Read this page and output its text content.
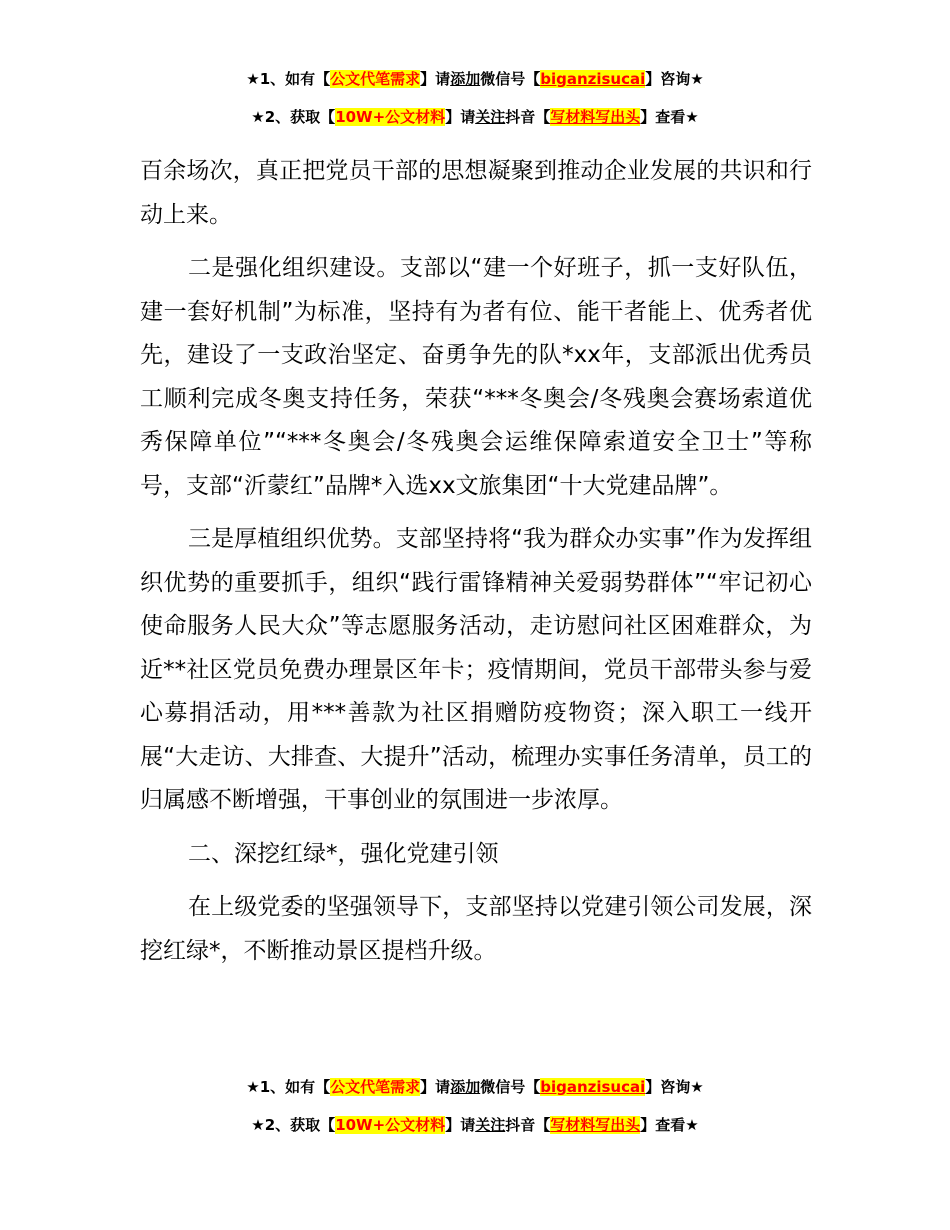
★1、如有【公文代笔需求】请添加微信号【biganzisucai】咨询★
★2、获取【10W+公文材料】请关注抖音【写材料写出头】查看★

百余场次，真正把党员干部的思想凝聚到推动企业发展的共识和行动上来。

二是强化组织建设。支部以“建一个好班子，抓一支好队伍，建一套好机制”为标准，坚持有为者有位、能干者能上、优秀者优先，建设了一支政治坚定、奋勇争先的队*xx年，支部派出优秀员工顺利完成冬奥支持任务，荣获“***冬奥会/冬残奥会赛场索道优秀保障单位”“***冬奥会/冬残奥会运维保障索道安全卫士”等称号，支部“沂蒙红”品牌*入选xx文旅集团“十大党建品牌”。

三是厚植组织优势。支部坚持将“我为群众办实事”作为发挥组织优势的重要抓手，组织“践行雷锋精神关爱弱势群体”“牢记初心使命服务人民大众”等志愿服务活动，走访慰问社区困难群众，为近**社区党员免费办理景区年卡；疫情期间，党员干部带头参与爱心募捐活动，用***善款为社区捐赠防疫物资；深入职工一线开展“大走访、大排查、大提升”活动，梳理办实事任务清单，员工的归属感不断增强，干事创业的氛围进一步浓厚。

二、深挖红绿*，强化党建引领

在上级党委的坚强领导下，支部坚持以党建引领公司发展，深挖红绿*，不断推动景区提档升级。

★1、如有【公文代笔需求】请添加微信号【biganzisucai】咨询★
★2、获取【10W+公文材料】请关注抖音【写材料写出头】查看★
